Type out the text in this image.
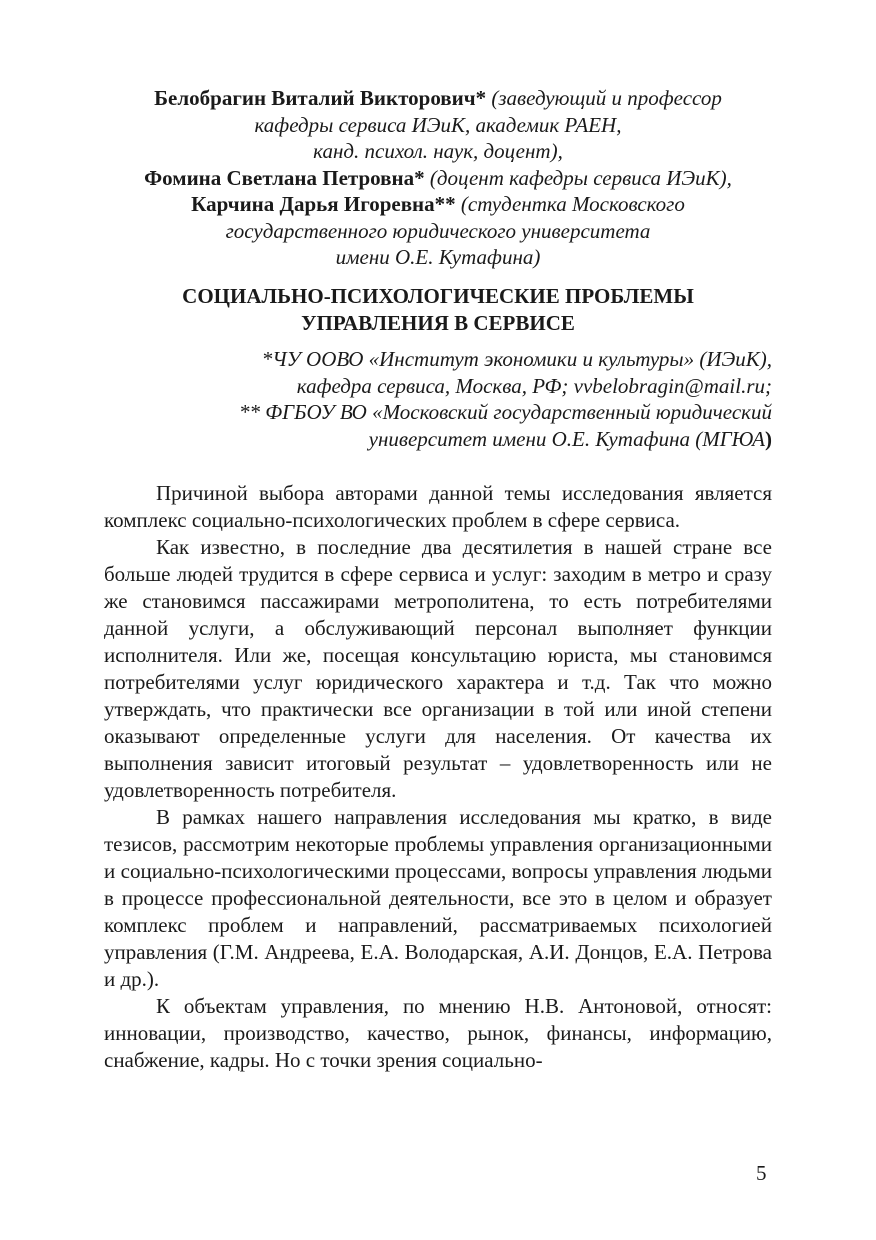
Белобрагин Виталий Викторович* (заведующий и профессор
кафедры сервиса ИЭиК, академик РАЕН,
канд. психол. наук, доцент),
Фомина Светлана Петровна* (доцент кафедры сервиса ИЭиК),
Карчина Дарья Игоревна** (студентка Московского
государственного юридического университета
имени О.Е. Кутафина)
СОЦИАЛЬНО-ПСИХОЛОГИЧЕСКИЕ ПРОБЛЕМЫ
УПРАВЛЕНИЯ В СЕРВИСЕ
*ЧУ ООВО «Институт экономики и культуры» (ИЭиК),
кафедра сервиса, Москва, РФ; vvbelobragin@mail.ru;
** ФГБОУ ВО «Московский государственный юридический
университет имени О.Е. Кутафина (МГЮА)

Причиной выбора авторами данной темы исследования является комплекс социально-психологических проблем в сфере сервиса.

Как известно, в последние два десятилетия в нашей стране все больше людей трудится в сфере сервиса и услуг: заходим в метро и сразу же становимся пассажирами метрополитена, то есть потребителями данной услуги, а обслуживающий персонал выполняет функции исполнителя. Или же, посещая консультацию юриста, мы становимся потребителями услуг юридического характера и т.д. Так что можно утверждать, что практически все организации в той или иной степени оказывают определенные услуги для населения. От качества их выполнения зависит итоговый результат – удовлетворенность или не удовлетворенность потребителя.

В рамках нашего направления исследования мы кратко, в виде тезисов, рассмотрим некоторые проблемы управления организационными и социально-психологическими процессами, вопросы управления людьми в процессе профессиональной деятельности, все это в целом и образует комплекс проблем и направлений, рассматриваемых психологией управления (Г.М. Андреева, Е.А. Володарская, А.И. Донцов, Е.А. Петрова и др.).

К объектам управления, по мнению Н.В. Антоновой, относят: инновации, производство, качество, рынок, финансы, информацию, снабжение, кадры. Но с точки зрения социально-

5
